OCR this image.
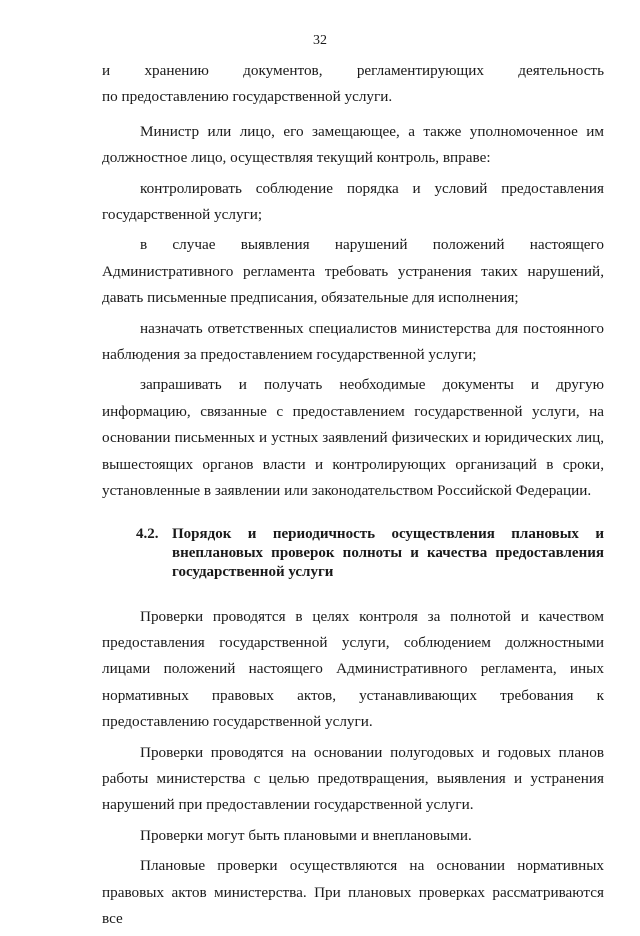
32

и хранению документов, регламентирующих деятельность

по предоставлению государственной услуги.

Министр или лицо, его замещающее, а также уполномоченное им должностное лицо, осуществляя текущий контроль, вправе:

контролировать соблюдение порядка и условий предоставления государственной услуги;

в случае выявления нарушений положений настоящего Административного регламента требовать устранения таких нарушений, давать письменные предписания, обязательные для исполнения;

назначать ответственных специалистов министерства для постоянного наблюдения за предоставлением государственной услуги;

запрашивать и получать необходимые документы и другую информацию, связанные с предоставлением государственной услуги, на основании письменных и устных заявлений физических и юридических лиц, вышестоящих органов власти и контролирующих организаций в сроки, установленные в заявлении или законодательством Российской Федерации.

4.2. Порядок и периодичность осуществления плановых и внеплановых проверок полноты и качества предоставления государственной услуги

Проверки проводятся в целях контроля за полнотой и качеством предоставления государственной услуги, соблюдением должностными лицами положений настоящего Административного регламента, иных нормативных правовых актов, устанавливающих требования к предоставлению государственной услуги.

Проверки проводятся на основании полугодовых и годовых планов работы министерства с целью предотвращения, выявления и устранения нарушений при предоставлении государственной услуги.

Проверки могут быть плановыми и внеплановыми.

Плановые проверки осуществляются на основании нормативных правовых актов министерства. При плановых проверках рассматриваются все
